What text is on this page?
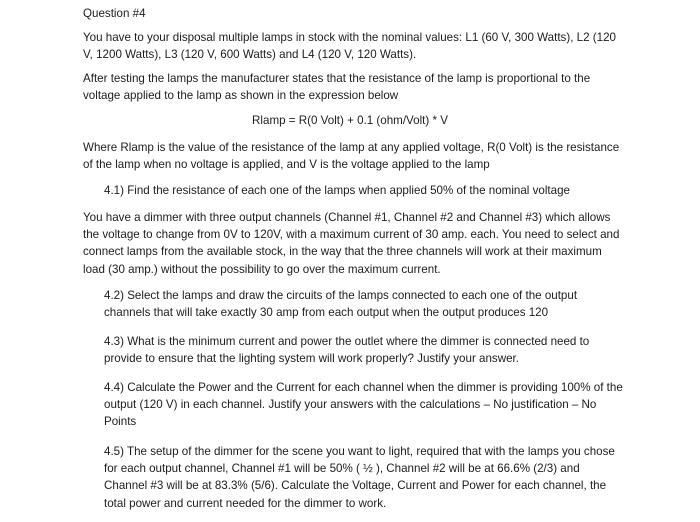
Question #4

You have to your disposal multiple lamps in stock with the nominal values: L1 (60 V, 300 Watts), L2 (120 V, 1200 Watts), L3 (120 V, 600 Watts) and L4 (120 V, 120 Watts).

After testing the lamps the manufacturer states that the resistance of the lamp is proportional to the voltage applied to the lamp as shown in the expression below

Rlamp = R(0 Volt) + 0.1 (ohm/Volt) * V

Where Rlamp is the value of the resistance of the lamp at any applied voltage, R(0 Volt) is the resistance of the lamp when no voltage is applied, and V is the voltage applied to the lamp

4.1) Find the resistance of each one of the lamps when applied 50% of the nominal voltage

You have a dimmer with three output channels (Channel #1, Channel #2 and Channel #3) which allows the voltage to change from 0V to 120V, with a maximum current of 30 amp. each. You need to select and connect lamps from the available stock, in the way that the three channels will work at their maximum load (30 amp.) without the possibility to go over the maximum current.

4.2) Select the lamps and draw the circuits of the lamps connected to each one of the output channels that will take exactly 30 amp from each output when the output produces 120

4.3) What is the minimum current and power the outlet where the dimmer is connected need to provide to ensure that the lighting system will work properly? Justify your answer.

4.4) Calculate the Power and the Current for each channel when the dimmer is providing 100% of the output (120 V) in each channel. Justify your answers with the calculations – No justification – No Points

4.5) The setup of the dimmer for the scene you want to light, required that with the lamps you chose for each output channel, Channel #1 will be 50% ( ½ ), Channel #2 will be at 66.6% (2/3) and Channel #3 will be at 83.3% (5/6). Calculate the Voltage, Current and Power for each channel, the total power and current needed for the dimmer to work.
